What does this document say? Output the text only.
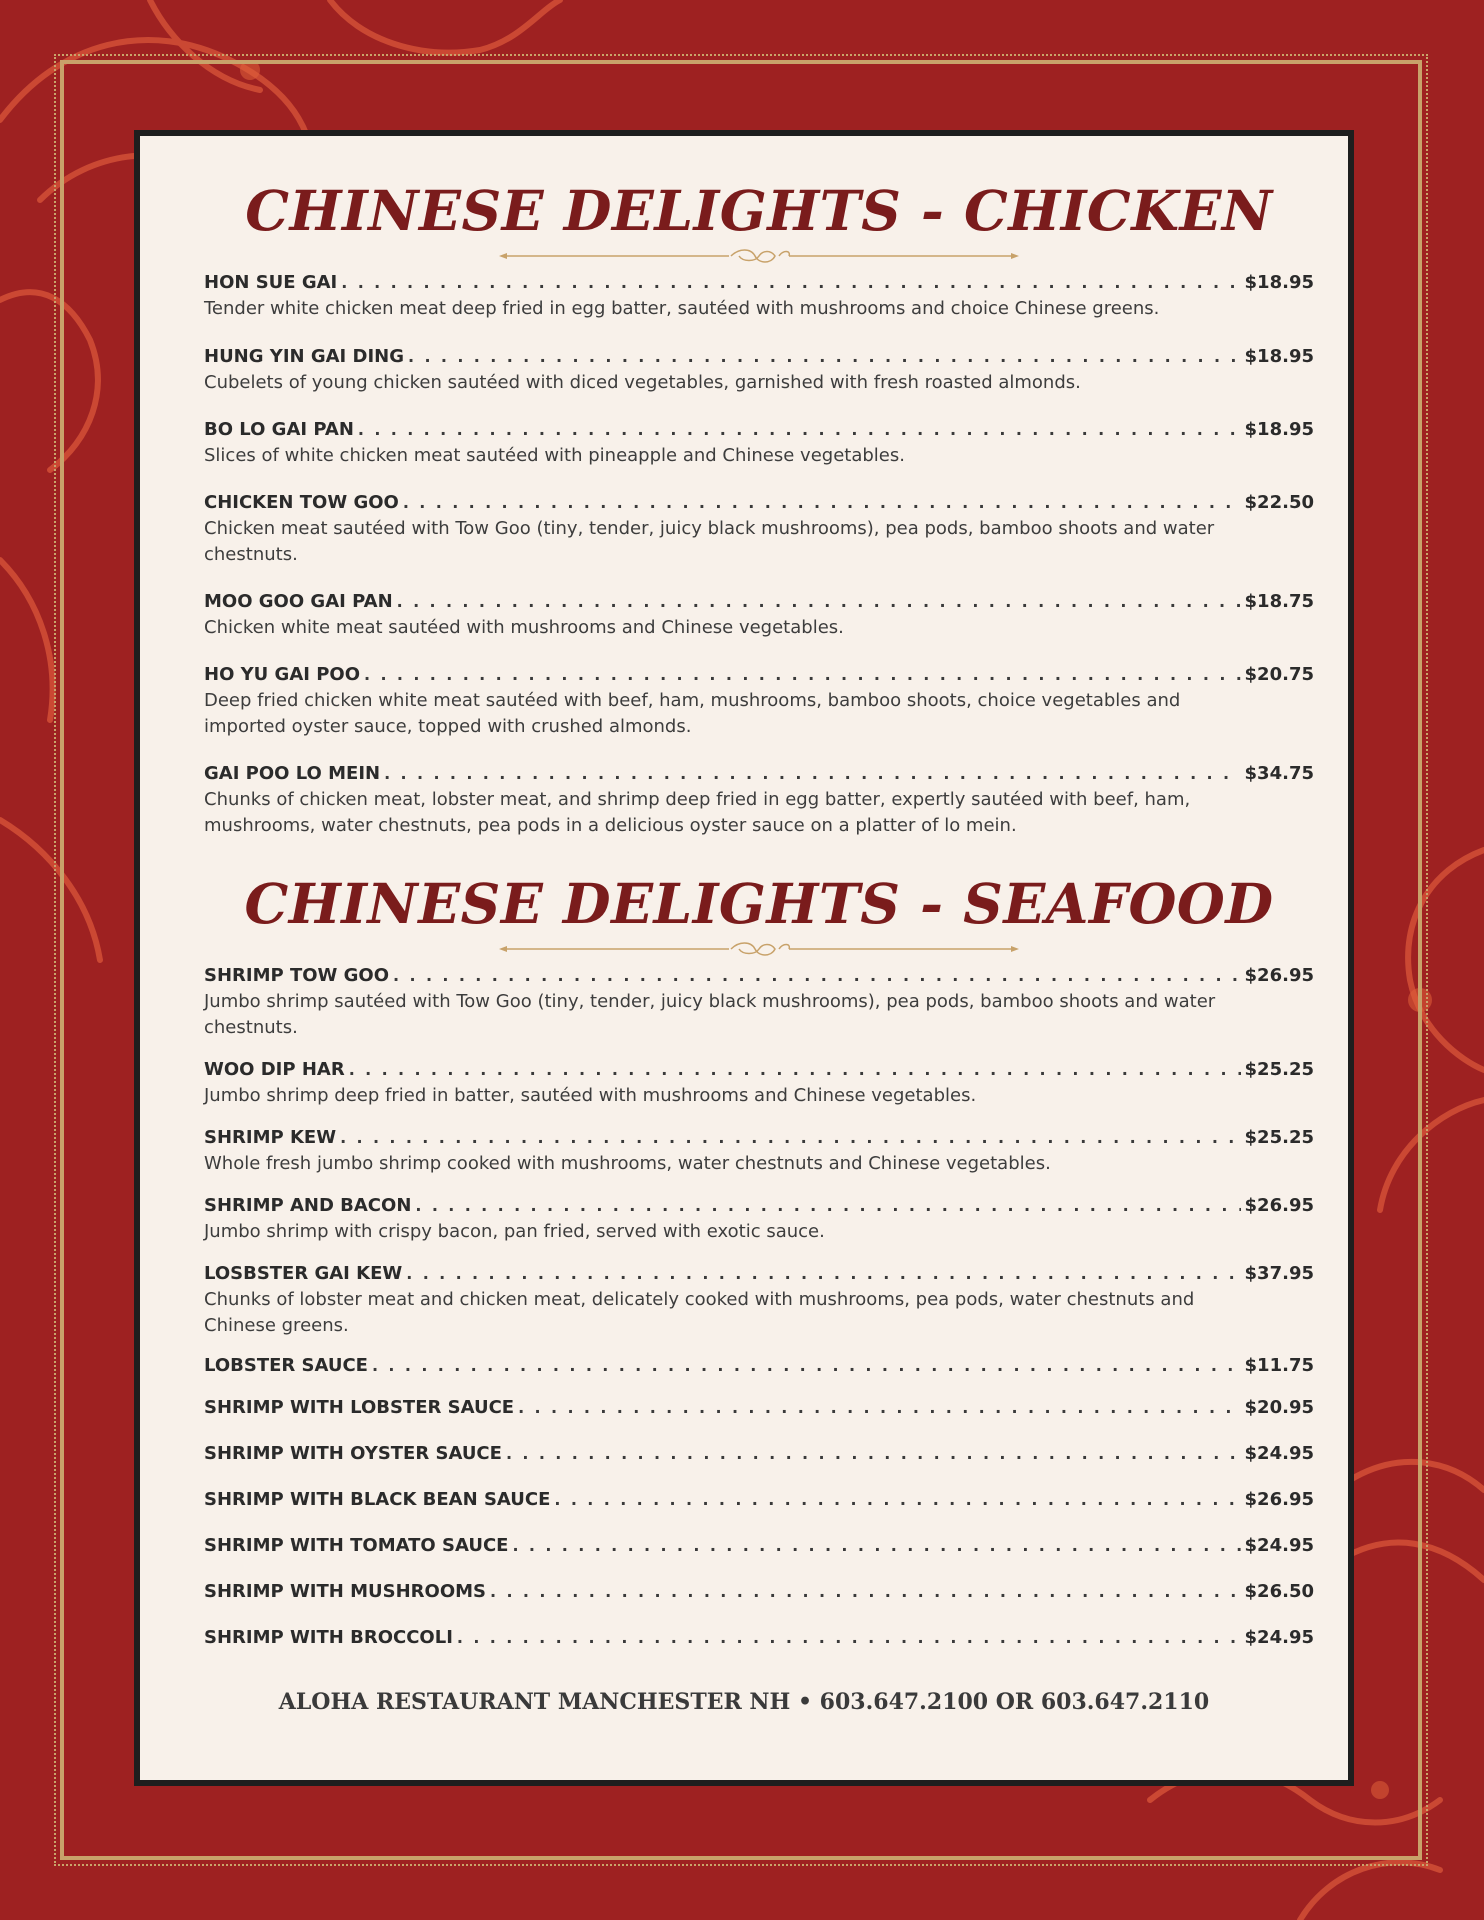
CHINESE DELIGHTS - CHICKEN
HON SUE GAI . . .	$18.95

Tender white chicken meat deep fried in egg batter, sautéed with mushrooms and choice Chinese greens.

HUNG YIN GAI DING . . .	$18.95

Cubelets of young chicken sautéed with diced vegetables, garnished with fresh roasted almonds.

BO LO GAI PAN . . .	$18.95

Slices of white chicken meat sautéed with pineapple and Chinese vegetables.

CHICKEN TOW GOO . . .	$22.50

Chicken meat sautéed with Tow Goo (tiny, tender, juicy black mushrooms), pea pods, bamboo shoots and water chestnuts.

MOO GOO GAI PAN . . .	$18.75

Chicken white meat sautéed with mushrooms and Chinese vegetables.

HO YU GAI POO . . .	$20.75

Deep fried chicken white meat sautéed with beef, ham, mushrooms, bamboo shoots, choice vegetables and imported oyster sauce, topped with crushed almonds.

GAI POO LO MEIN . . .	$34.75

Chunks of chicken meat, lobster meat, and shrimp deep fried in egg batter, expertly sautéed with beef, ham, mushrooms, water chestnuts, pea pods in a delicious oyster sauce on a platter of lo mein.

CHINESE DELIGHTS - SEAFOOD
SHRIMP TOW GOO . . .	$26.95

Jumbo shrimp sautéed with Tow Goo (tiny, tender, juicy black mushrooms), pea pods, bamboo shoots and water chestnuts.

WOO DIP HAR . . .	$25.25

Jumbo shrimp deep fried in batter, sautéed with mushrooms and Chinese vegetables.

SHRIMP KEW . . .	$25.25

Whole fresh jumbo shrimp cooked with mushrooms, water chestnuts and Chinese vegetables.

SHRIMP AND BACON . . .	$26.95

Jumbo shrimp with crispy bacon, pan fried, served with exotic sauce.

LOSBSTER GAI KEW . . .	$37.95

Chunks of lobster meat and chicken meat, delicately cooked with mushrooms, pea pods, water chestnuts and Chinese greens.

LOBSTER SAUCE . . .	$11.75
SHRIMP WITH LOBSTER SAUCE . . .	$20.95
SHRIMP WITH OYSTER SAUCE . . .	$24.95
SHRIMP WITH BLACK BEAN SAUCE . . .	$26.95
SHRIMP WITH TOMATO SAUCE . . .	$24.95
SHRIMP WITH MUSHROOMS . . .	$26.50
SHRIMP WITH BROCCOLI . . .	$24.95
ALOHA RESTAURANT MANCHESTER NH • 603.647.2100 OR 603.647.2110
